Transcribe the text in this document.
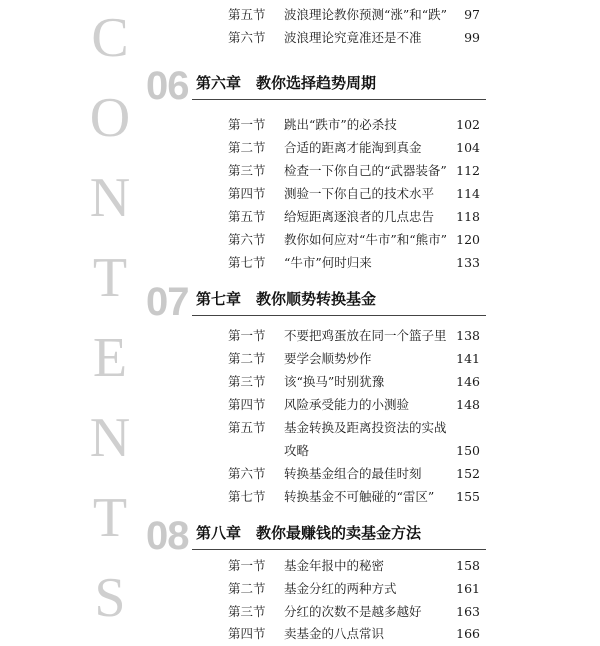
C
O
N
T
E
N
T
S
第五节	波浪理论教你预测“涨”和“跌”	97
第六节	波浪理论究竟准还是不准	99
06 第六章　教你选择趋势周期
第一节	跳出“跌市”的必杀技	102
第二节	合适的距离才能淘到真金	104
第三节	检查一下你自己的“武器装备” 112
第四节	测验一下你自己的技术水平	114
第五节	给短距离逐浪者的几点忠告	118
第六节	教你如何应对“牛市”和“熊市” 120
第七节	“牛市”何时归来	133
07 第七章　教你顺势转换基金
第一节	不要把鸡蛋放在同一个篮子里 138
第二节	要学会顺势炒作	141
第三节	该“换马”时别犹豫	146
第四节	风险承受能力的小测验	148
第五节	基金转换及距离投资法的实战
攻略	150
第六节	转换基金组合的最佳时刻	152
第七节	转换基金不可触碰的“雷区”	155
08 第八章　教你最赚钱的卖基金方法
第一节	基金年报中的秘密	158
第二节	基金分红的两种方式	161
第三节	分红的次数不是越多越好	163
第四节	卖基金的八点常识	166
